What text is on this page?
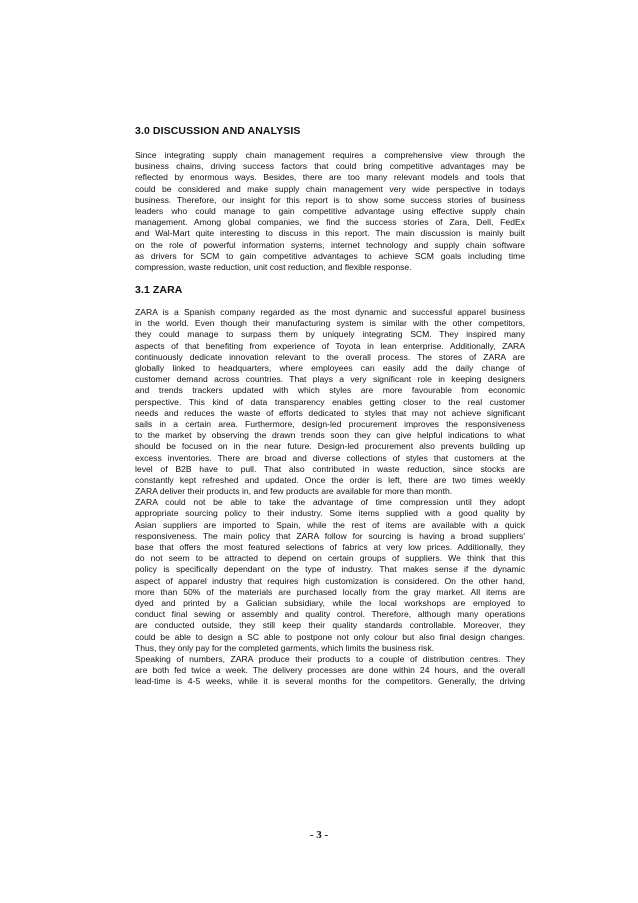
3.0 DISCUSSION AND ANALYSIS
Since integrating supply chain management requires a comprehensive view through the
business chains, driving success factors that could bring competitive advantages may be
reflected by enormous ways. Besides, there are too many relevant models and tools that
could be considered and make supply chain management very wide perspective in todays
business. Therefore, our insight for this report is to show some success stories of business
leaders who could manage to gain competitive advantage using effective supply chain
management. Among global companies, we find the success stories of Zara, Dell, FedEx
and Wal-Mart quite interesting to discuss in this report. The main discussion is mainly built
on the role of powerful information systems, internet technology and supply chain software
as drivers for SCM to gain competitive advantages to achieve SCM goals including time
compression, waste reduction, unit cost reduction, and flexible response.
3.1 ZARA
ZARA is a Spanish company regarded as the most dynamic and successful apparel business
in the world. Even though their manufacturing system is similar with the other competitors,
they could manage to surpass them by uniquely integrating SCM. They inspired many
aspects of that benefiting from experience of Toyota in lean enterprise. Additionally, ZARA
continuously dedicate innovation relevant to the overall process. The stores of ZARA are
globally linked to headquarters, where employees can easily add the daily change of
customer demand across countries. That plays a very significant role in keeping designers
and trends trackers updated with which styles are more favourable from economic
perspective. This kind of data transparency enables getting closer to the real customer
needs and reduces the waste of efforts dedicated to styles that may not achieve significant
sails in a certain area. Furthermore, design-led procurement improves the responsiveness
to the market by observing the drawn trends soon they can give helpful indications to what
should be focused on in the near future. Design-led procurement also prevents building up
excess inventories. There are broad and diverse collections of styles that customers at the
level of B2B have to pull. That also contributed in waste reduction, since stocks are
constantly kept refreshed and updated. Once the order is left, there are two times weekly
ZARA deliver their products in, and few products are available for more than month.
ZARA could not be able to take the advantage of time compression until they adopt
appropriate sourcing policy to their industry. Some items supplied with a good quality by
Asian suppliers are imported to Spain, while the rest of items are available with a quick
responsiveness. The main policy that ZARA follow for sourcing is having a broad suppliers'
base that offers the most featured selections of fabrics at very low prices. Additionally, they
do not seem to be attracted to depend on certain groups of suppliers. We think that this
policy is specifically dependant on the type of industry. That makes sense if the dynamic
aspect of apparel industry that requires high customization is considered. On the other hand,
more than 50% of the materials are purchased locally from the gray market. All items are
dyed and printed by a Galician subsidiary, while the local workshops are employed to
conduct final sewing or assembly and quality control. Therefore, although many operations
are conducted outside, they still keep their quality standards controllable. Moreover, they
could be able to design a SC able to postpone not only colour but also final design changes.
Thus, they only pay for the completed garments, which limits the business risk.
Speaking of numbers, ZARA produce their products to a couple of distribution centres. They
are both fed twice a week. The delivery processes are done within 24 hours, and the overall
lead-time is 4-5 weeks, while it is several months for the competitors. Generally, the driving
- 3 -
